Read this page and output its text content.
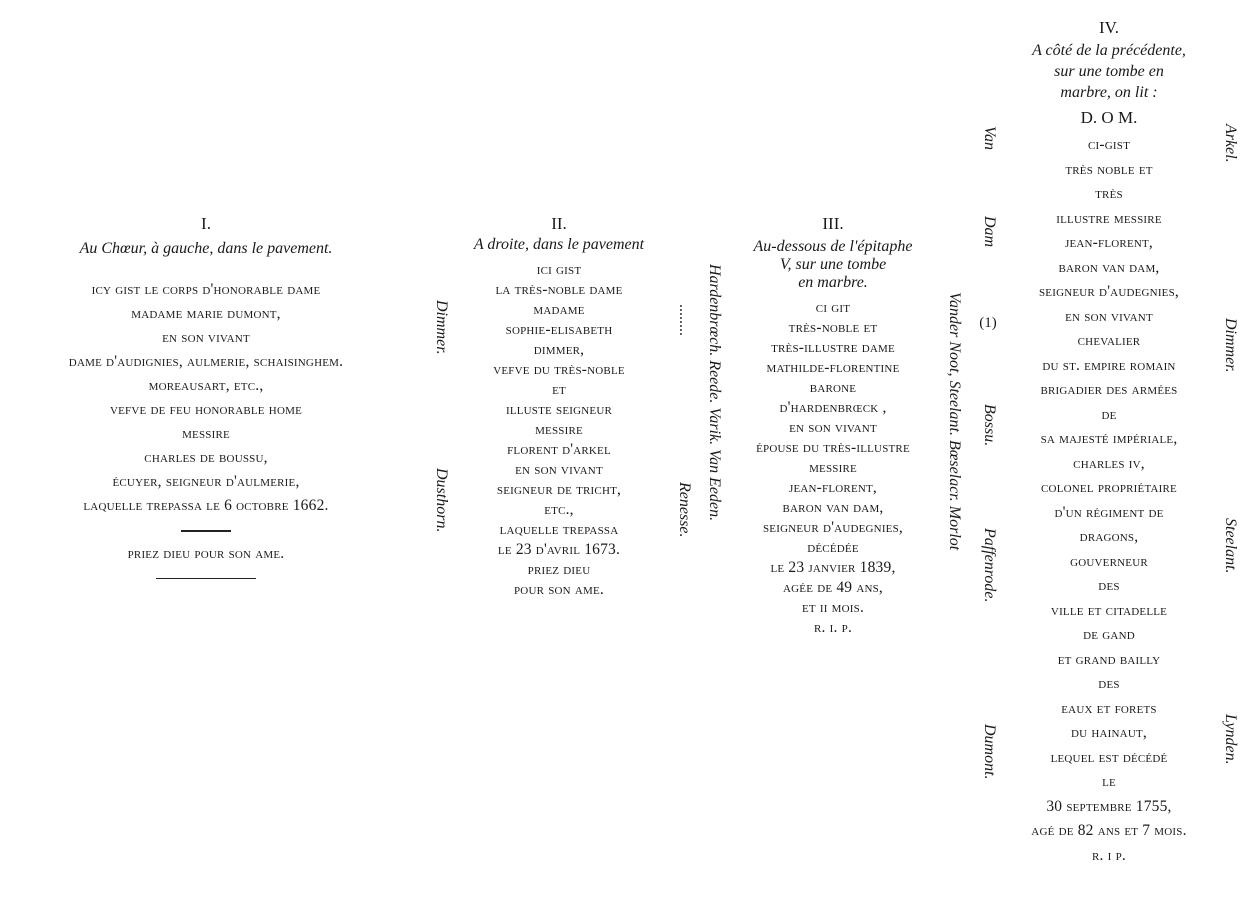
I.
Au Chœur, à gauche, dans le pavement.
icy gist le corps d'honorable dame
madame marie dumont,
en son vivant
dame d'audignies, aulmerie, schaisinghem.
moreausart, etc.,
vefve de feu honorable home
messire
charles de boussu,
écuyer, seigneur d'aulmerie,
laquelle trepassa le 6 octobre 1662.
priez dieu pour son ame.
Dimmer.
Dusthorn.
........
Renesse.
II.
A droite, dans le pavement
ici gist
la très-noble dame
madame
sophie-elisabeth
dimmer,
vefve du très-noble
et
illuste seigneur
messire
florent d'arkel
en son vivant
seigneur de tricht,
etc.,
laquelle trepassa
le 23 d'avril 1673.
priez dieu
pour son ame.
Hardenbrœch. Reede. Varik. Van Eeden.	Vander Noot, Steelant. Bœselacr. Morlot
III.
Au-dessous de l'épitaphe
V, sur une tombe
en marbre.
ci git
très-noble et
très-illustre dame
mathilde-florentine
barone
d'hardenbrœck ,
en son vivant
épouse du très-illustre
messire
jean-florent,
baron van dam,
seigneur d'audegnies,
décédée
le 23 janvier 1839,
agée de 49 ans,
et ii mois.
r. i. p.
Van
Dam
Bossu.
Paffenrode.
Dumont.
(1)
Arkel.
Dimmer.
Steelant.
Lynden.
IV.
A côté de la précédente,
sur une tombe en
marbre, on lit :
D. O M.
ci-gist
très noble et
très
illustre messire
jean-florent,
baron van dam,
seigneur d'audegnies,
en son vivant
chevalier
du st. empire romain
brigadier des armées
de
sa majesté impériale,
charles iv,
colonel propriétaire
d'un régiment de
dragons,
gouverneur
des
ville et citadelle
de gand
et grand bailly
des
eaux et forets
du hainaut,
lequel est décédé
le
30 septembre 1755,
agé de 82 ans et 7 mois.
r. i p.
